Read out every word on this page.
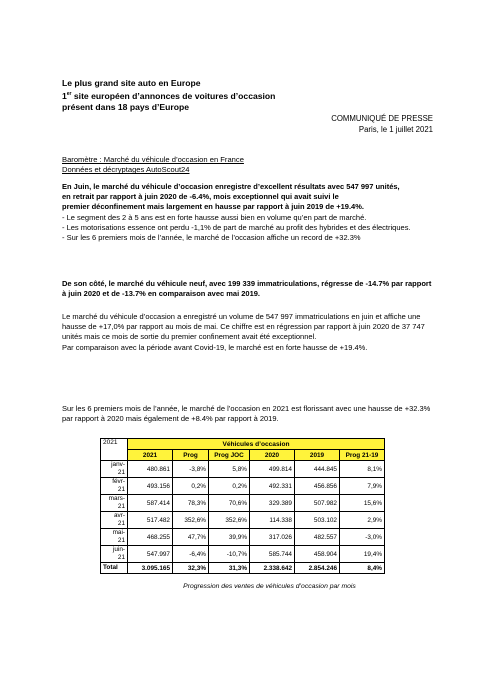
Le plus grand site auto en Europe
1er site européen d’annonces de voitures d’occasion
présent dans 18 pays d’Europe
COMMUNIQUÉ DE PRESSE
Paris, le 1 juillet 2021
Baromètre : Marché du véhicule d’occasion en France
Données et décryptages AutoScout24
En Juin, le marché du véhicule d’occasion enregistre d’excellent résultats avec 547 997 unités,
en retrait par rapport à juin 2020 de -6.4%, mois exceptionnel qui avait suivi le
premier déconfinement mais largement en hausse par rapport à juin 2019 de +19.4%.
- Le segment des 2 à 5 ans est en forte hausse aussi bien en volume qu’en part de marché.
- Les motorisations essence ont perdu -1,1% de part de marché au profit des hybrides et des électriques.
- Sur les 6 premiers mois de l’année, le marché de l’occasion affiche un record de +32.3%
De son côté, le marché du véhicule neuf, avec 199 339 immatriculations, régresse de -14.7% par rapport à juin 2020 et de -13.7% en comparaison avec mai 2019.
Le marché du véhicule d’occasion a enregistré un volume de 547 997 immatriculations en juin et affiche une hausse de +17,0% par rapport au mois de mai. Ce chiffre est en régression par rapport à juin 2020 de 37 747 unités mais ce mois de sortie du premier confinement avait été exceptionnel.
Par comparaison avec la période avant Covid-19, le marché est en forte hausse de +19.4%.
Sur les 6 premiers mois de l’année, le marché de l’occasion en 2021 est florissant avec une hausse de +32.3% par rapport à 2020 mais également de +8.4% par rapport à 2019.
2021	Véhicules d’occasion					
	2021	Prog	Prog JOC	2020	2019	Prog 21-19

janv-
21	480.861	-3,8%	5,8%	499.814	444.845	8,1%

févr-
21	493.156	0,2%	0,2%	492.331	456.856	7,9%

mars-
21	587.414	78,3%	70,6%	329.389	507.982	15,6%

avr-
21	517.482	352,6%	352,6%	114.338	503.102	2,9%

mai-
21	468.255	47,7%	39,9%	317.026	482.557	-3,0%

juin-
21	547.997	-6,4%	-10,7%	585.744	458.904	19,4%
Total	3.095.165	32,3%	31,3%	2.338.642	2.854.246	8,4%
Progression des ventes de véhicules d’occasion par mois
